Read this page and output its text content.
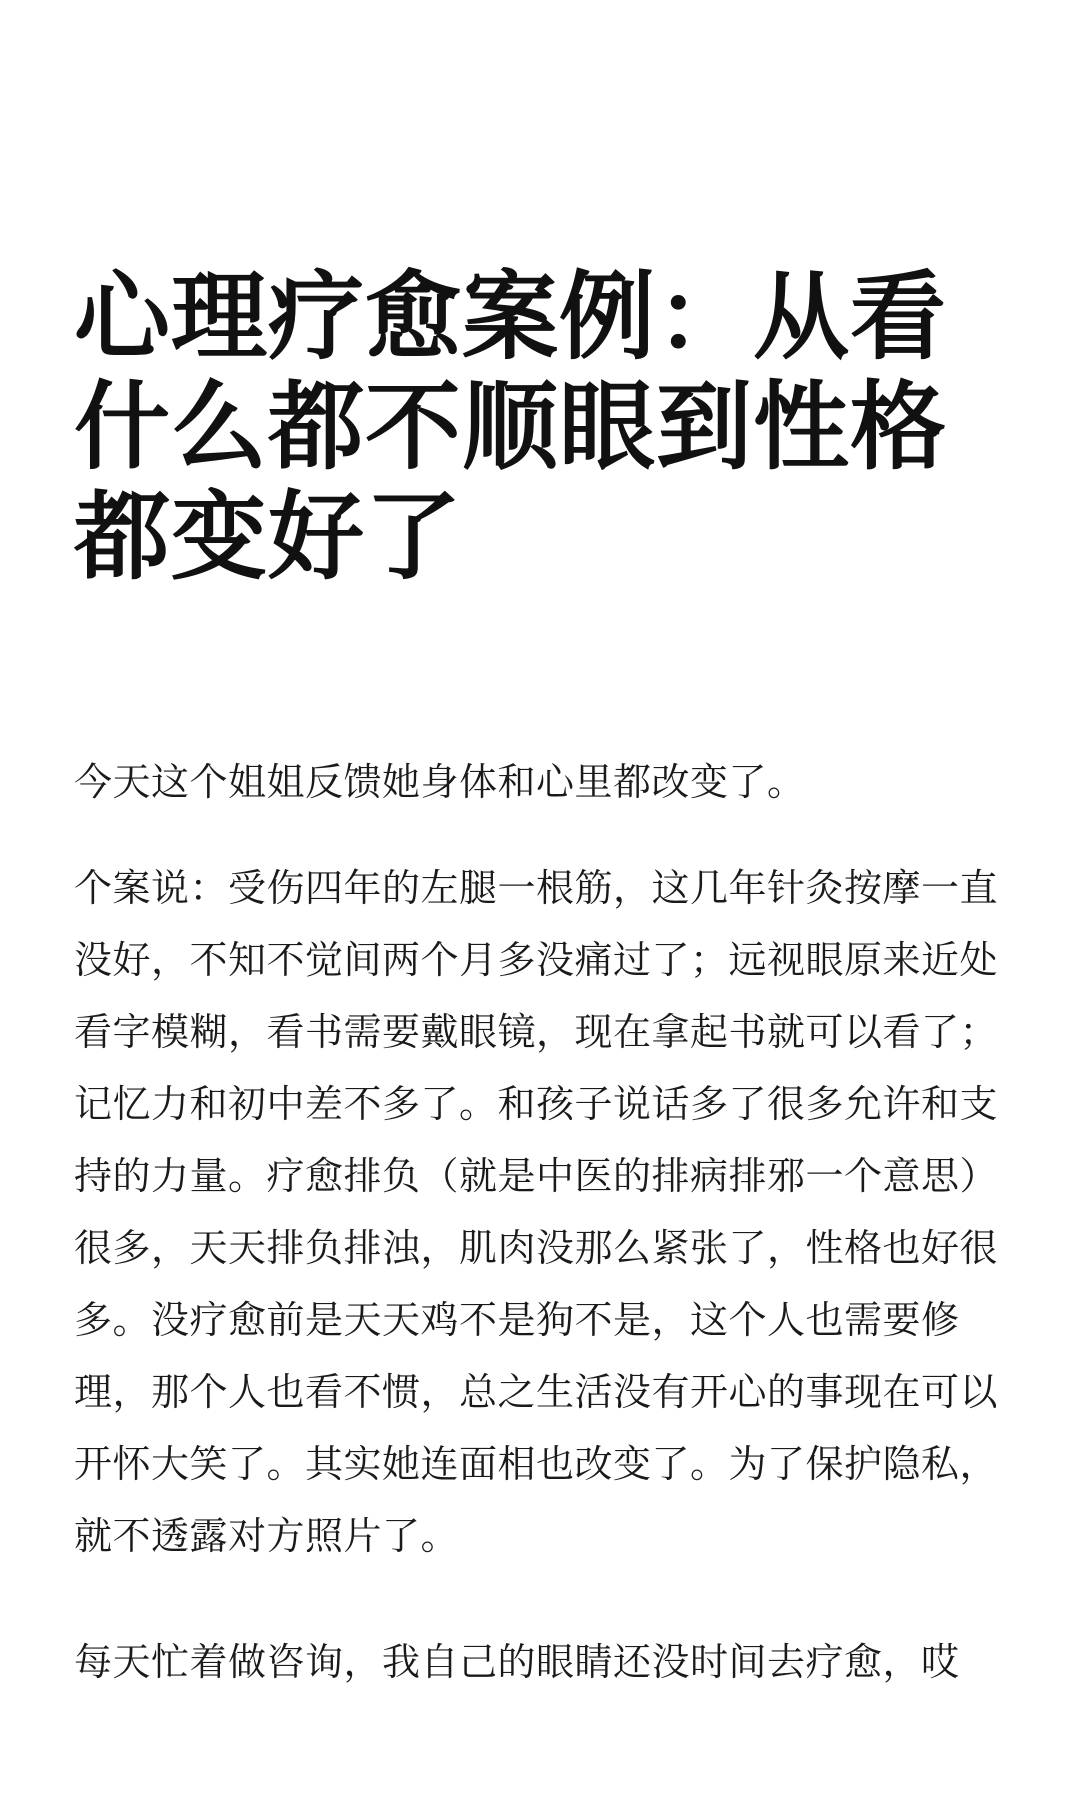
心理疗愈案例：从看什么都不顺眼到性格都变好了

今天这个姐姐反馈她身体和心里都改变了。

个案说：受伤四年的左腿一根筋，这几年针灸按摩一直没好，不知不觉间两个月多没痛过了；远视眼原来近处看字模糊，看书需要戴眼镜，现在拿起书就可以看了；记忆力和初中差不多了。和孩子说话多了很多允许和支持的力量。疗愈排负（就是中医的排病排邪一个意思）很多，天天排负排浊，肌肉没那么紧张了，性格也好很多。没疗愈前是天天鸡不是狗不是，这个人也需要修理，那个人也看不惯，总之生活没有开心的事现在可以开怀大笑了。其实她连面相也改变了。为了保护隐私，就不透露对方照片了。

每天忙着做咨询，我自己的眼睛还没时间去疗愈，哎
